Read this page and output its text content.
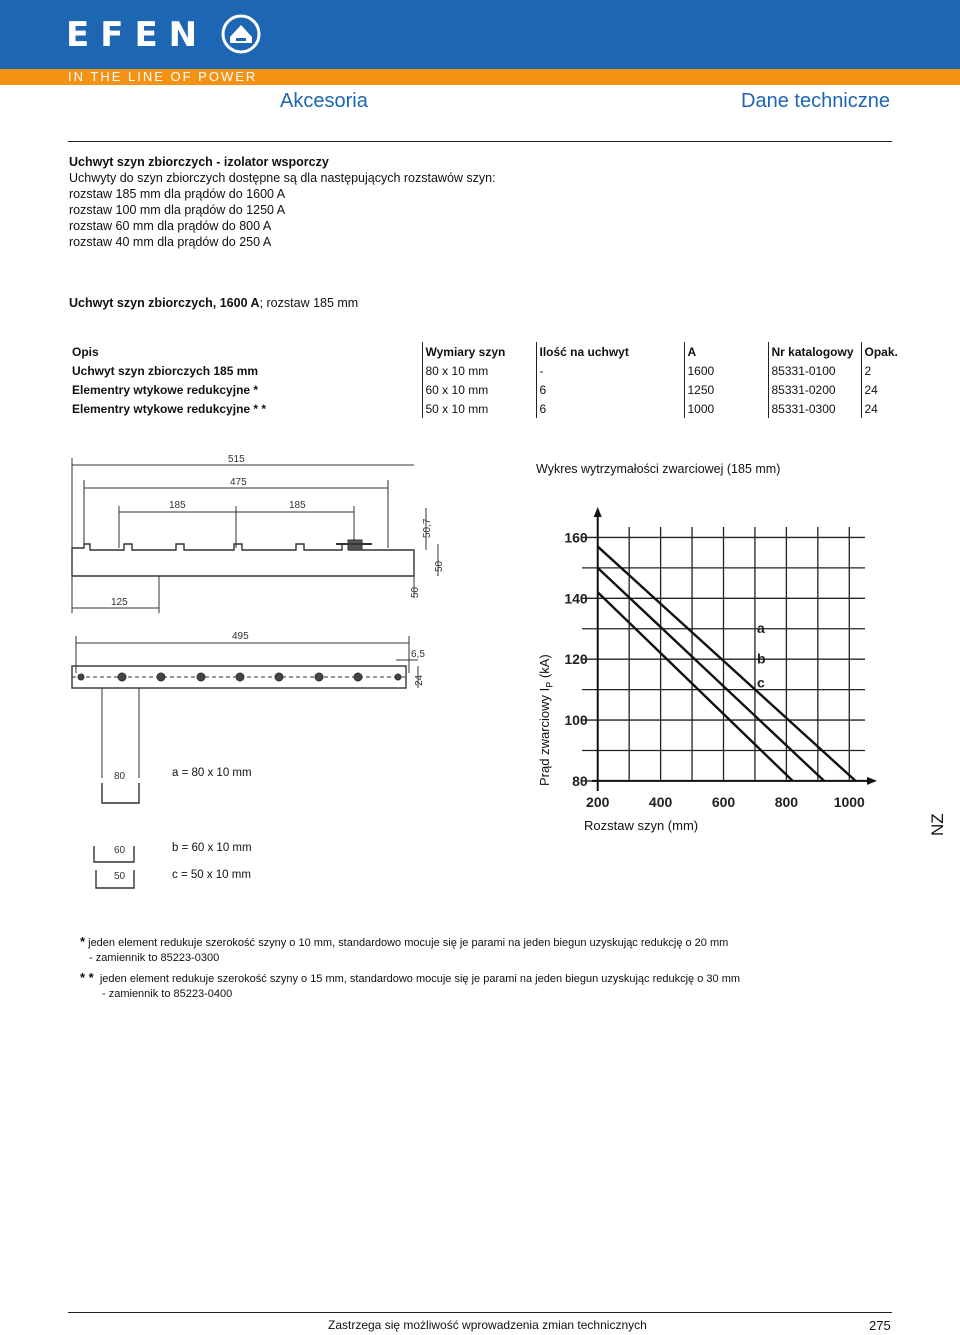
EFEN
IN THE LINE OF POWER
Akcesoria	Dane techniczne
Uchwyt szyn zbiorczych - izolator wsporczy
Uchwyty do szyn zbiorczych dostępne są dla następujących rozstawów szyn:
rozstaw 185 mm dla prądów do 1600 A
rozstaw 100 mm dla prądów do 1250 A
rozstaw 60 mm dla prądów do 800 A
rozstaw 40 mm dla prądów do 250 A
Uchwyt szyn zbiorczych, 1600 A; rozstaw 185 mm
Opis	Wymiary szyn	Ilość na uchwyt	A	Nr katalogowy	Opak.
Uchwyt szyn zbiorczych 185 mm	80 x 10 mm	-	1600	85331-0100	2
Elementry wtykowe redukcyjne *	60 x 10 mm	6	1250	85331-0200	24
Elementry wtykowe redukcyjne * *	50 x 10 mm	6	1000	85331-0300	24
515
475
185	185
50,7
50
50
125
495
6,5
24
80
60
50
a = 80 x 10 mm
b = 60 x 10 mm
c = 50 x 10 mm
Wykres wytrzymałości zwarciowej (185 mm)
200	400	600	800	1000
80
100
120
140
160
a
b
c
Prąd zwarciowy $I_P$ (kA)
Rozstaw szyn (mm)	NZ
* jeden element redukuje szerokość szyny o 10 mm, standardowo mocuje się je parami na jeden biegun uzyskując redukcję o 20 mm
- zamiennik to 85223-0300
* * jeden element redukuje szerokość szyny o 15 mm, standardowo mocuje się je parami na jeden biegun uzyskując redukcję o 30 mm
- zamiennik to 85223-0400
Zastrzega się możliwość wprowadzenia zmian technicznych	275
